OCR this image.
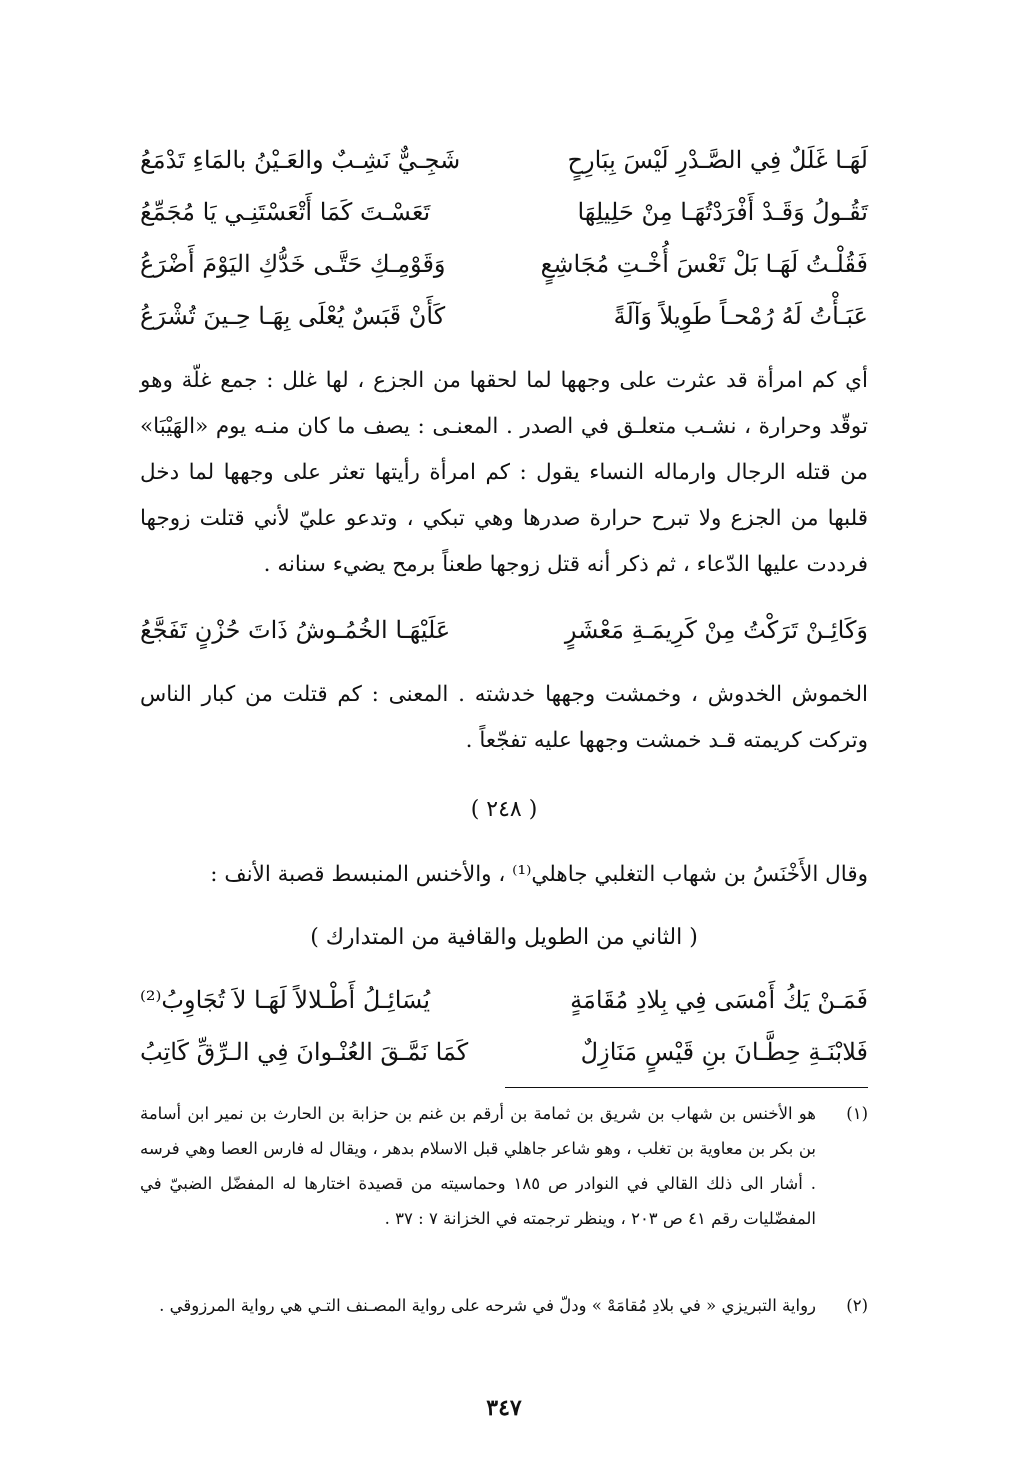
لَهَـا غَلَلٌ فِي الصَّـدْرِ لَيْسَ بِبَارِحٍ
شَجِـيٌّ نَشِـبٌ والعَـيْنُ بالمَاءِ تَدْمَعُ
تَقُـولُ وَقَـدْ أَفْرَدْتُهَـا مِنْ حَلِيلِهَا
تَعَسْـتَ كَمَا أَتْعَسْتَنِـي يَا مُجَمِّعُ
فَقُلْـتُ لَهَـا بَلْ تَعْسَ أُخْـتِ مُجَاشِعٍ
وَقَوْمِـكِ حَتَّـى خَدُّكِ اليَوْمَ أَضْرَعُ
عَبَـأْتُ لَهُ رُمْحـاً طَوِيلاً وَآلَةً
كَأَنْ قَبَسٌ يُعْلَى بِهَـا حِـينَ تُشْرَعُ

أي كم امرأة قد عثرت على وجهها لما لحقها من الجزع ، لها غلل : جمع غلّة وهو توقّد وحرارة ، نشـب متعلـق في الصدر . المعنـى : يصف ما كان منـه يوم «الهَيْبَا» من قتله الرجال وارماله النساء يقول : كم امرأة رأيتها تعثر على وجهها لما دخل قلبها من الجزع ولا تبرح حرارة صدرها وهي تبكي ، وتدعو عليّ لأني قتلت زوجها فرددت عليها الدّعاء ، ثم ذكر أنه قتل زوجها طعناً برمح يضيء سنانه .

وَكَائِـنْ تَرَكْتُ مِنْ كَرِيمَـةِ مَعْشَرٍ
عَلَيْهَـا الخُمُـوشُ ذَاتَ حُزْنٍ تَفَجَّعُ

الخموش الخدوش ، وخمشت وجهها خدشته . المعنى : كم قتلت من كبار الناس وتركت كريمته قـد خمشت وجهها عليه تفجّعاً .

( ٢٤٨ )

وقال الأَخْنَسُ بن شهاب التغلبي جاهلي⁽¹⁾ ، والأخنس المنبسط قصبة الأنف :

( الثاني من الطويل والقافية من المتدارك )
فَمَـنْ يَكُ أَمْسَى فِي بِلادِ مُقَامَةٍ
يُسَائِـلُ أَطْـلالاً لَهَـا لاَ تُجَاوِبُ⁽²⁾
فَلابْنَـةِ حِطَّـانَ بنِ قَيْسٍ مَنَازِلٌ
كَمَا نَمَّـقَ العُنْـوانَ فِي الـرِّقِّ كَاتِبُ
(١)
هو الأخنس بن شهاب بن شريق بن ثمامة بن أرقم بن غنم بن حزابة بن الحارث بن نمير ابن أسامة بن بكر بن معاوية بن تغلب ، وهو شاعر جاهلي قبل الاسلام بدهر ، ويقال له فارس العصا وهي فرسه . أشار الى ذلك القالي في النوادر ص ١٨٥ وحماسيته من قصيدة اختارها له المفضّل الضبيّ في المفضّليات رقم ٤١ ص ٢٠٣ ، وينظر ترجمته في الخزانة ٧ : ٣٧ .
(٢)
رواية التبريزي « في بلادِ مُقامَهْ » ودلّ في شرحه على رواية المصـنف التـي هي رواية المرزوقي .
٣٤٧
